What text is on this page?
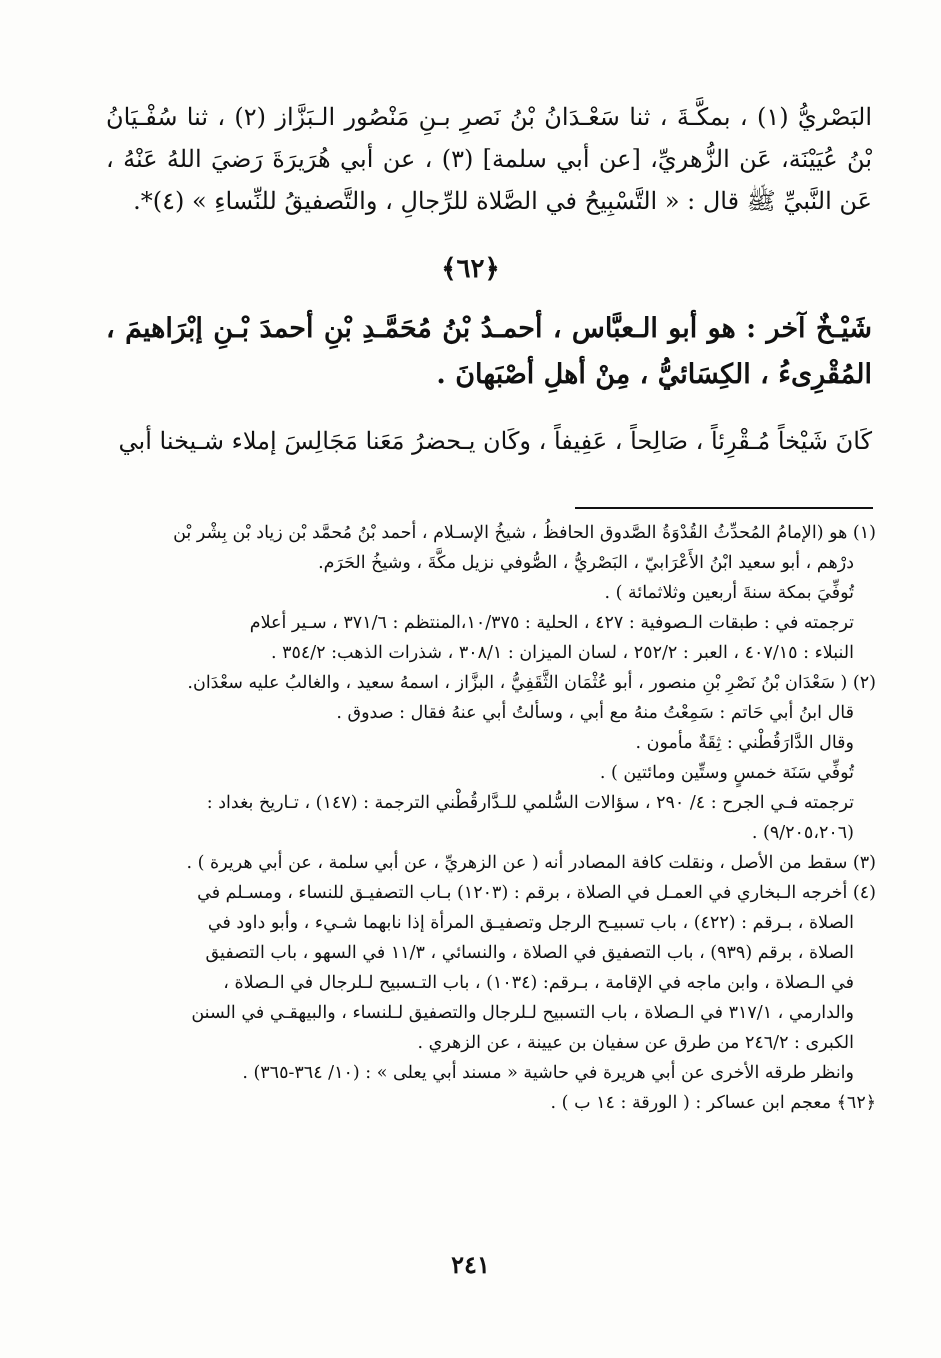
البَصْريُّ (١) ، بمكَّـةَ ، ثنا سَعْـدَانُ بْنُ نَصرِ بـنِ مَنْصُور الـبَزَّاز (٢) ، ثنا سُفْـيَانُ بْنُ عُيَيْنَة، عَن الزُّهريِّ، [عن أبي سلمة] (٣) ، عن أبي هُرَيرَةَ رَضيَ اللهُ عَنْهُ ، عَن النَّبيِّ ﷺ قال : « التَّسْبِيحُ في الصَّلاة للرِّجالِ ، والتَّصفيقُ للنِّساءِ » (٤)*.

﴿٦٢﴾

شَيْـخٌ آخر : هو أبو الـعبَّاس ، أحمـدُ بْنُ مُحَمَّـدِ بْنِ أحمدَ بْـنِ إبْرَاهيمَ ، المُقْرِىءُ ، الكِسَائيُّ ، مِنْ أهلِ أصْبَهانَ .

كَانَ شَيْخاً مُـقْرِئاً ، صَالِحاً ، عَفِيفاً ، وكَان يـحضرُ مَعَنا مَجَالِسَ إملاء شـيخنا أبي

(١) هو (الإمامُ المُحدِّثُ القُدْوَةُ الصَّدوق الحافظُ ، شيخُ الإسـلام ، أحمد بْنُ مُحمَّد بْن زياد بْن بِشْر بْن

درْهم ، أبو سعيد ابْنُ الأَعْرَابيّ ، البَصْريُّ ، الصُّوفي نزيل مكَّةَ ، وشيخُ الحَرَم.

تُوفِّيَ بمكة سنةَ أربعين وثلاثمائة ) .

ترجمته في : طبقات الـصوفية : ٤٢٧ ، الحلية : ١٠/٣٧٥،المنتظم : ٣٧١/٦ ، سـير أعلام

النبلاء : ٤٠٧/١٥ ، العبر : ٢٥٢/٢ ، لسان الميزان : ٣٠٨/١ ، شذرات الذهب: ٣٥٤/٢ .

(٢) ( سَعْدَان بْنُ نَصْرِ بْنِ منصور ، أبو عُثْمَان الثَّقَفِيُّ ، البزَّاز ، اسمهُ سعيد ، والغالبُ عليه سعْدَان.

قال ابنُ أبي حَاتم : سَمِعْتُ منهُ مع أبي ، وسألتُ أبي عنهُ فقال : صدوق .

وقال الدَّارَقُطْني : ثِقَةٌ مأمون .

تُوفِّي سَنَة خمسٍ وستِّين ومائتين ) .

ترجمته فـي الجرح : ٤/ ٢٩٠ ، سؤالات السُّلمي للـدَّارقُطْني الترجمة : (١٤٧) ، تـاريخ بغداد :

(٩/٢٠٥،٢٠٦) .

(٣) سقط من الأصل ، ونقلت كافة المصادر أنه ( عن الزهريِّ ، عن أبي سلمة ، عن أبي هريرة ) .

(٤) أخرجه الـبخاري في العمـل في الصلاة ، برقم : (١٢٠٣) بـاب التصفيـق للنساء ، ومسـلم في

الصلاة ، بـرقم : (٤٢٢) ، باب تسبيـح الرجل وتصفيـق المرأة إذا نابهما شـيء ، وأبو داود في

الصلاة ، برقم (٩٣٩) ، باب التصفيق في الصلاة ، والنسائي ، ١١/٣ في السهو ، باب التصفيق

في الـصلاة ، وابن ماجه في الإقامة ، بـرقم: (١٠٣٤) ، باب التـسبيح لـلرجال في الـصلاة ،

والدارمي ، ٣١٧/١ في الـصلاة ، باب التسبيح لـلرجال والتصفيق لـلنساء ، والبيهقـي في السنن

الكبرى : ٢٤٦/٢ من طرق عن سفيان بن عيينة ، عن الزهري .

وانظر طرقه الأخرى عن أبي هريرة في حاشية « مسند أبي يعلى » : (١٠/ ٣٦٤-٣٦٥) .

﴿٦٢﴾ معجم ابن عساكر : ( الورقة : ١٤ ب ) .

٢٤١
